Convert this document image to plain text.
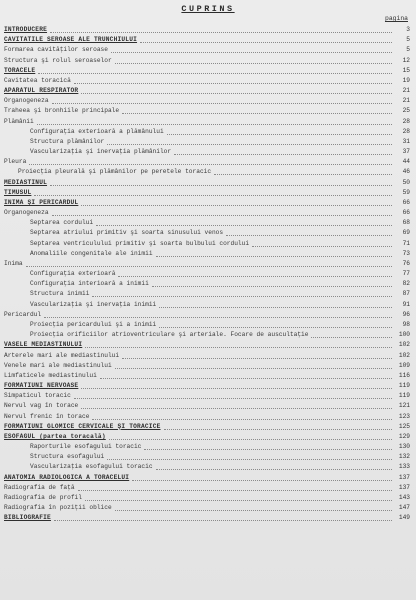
CUPRINS
pagina
INTRODUCERE	3
CAVITATILE SEROASE ALE TRUNCHIULUI	5
Formarea cavităţilor seroase	5
Structura şi rolul seroaselor	12
TORACELE	15
Cavitatea toracică	19
APARATUL RESPIRATOR	21
Organogeneza	21
Traheea şi bronhiile principale	25
Plămânii	28
Configuraţia exterioară a plămânului	28
Structura plămânilor	31
Vascularizaţia şi inervaţia plămânilor	37
Pleura	44
Proiecţia pleurală şi plămânilor pe peretele toracic	46
MEDIASTINUL	50
TIMUSUL	59
INIMA ŞI PERICARDUL	66
Organogeneza	66
Septarea cordului	68
Septarea atriului primitiv şi soarta sinusului venos	69
Septarea ventriculului primitiv şi soarta bulbului cordului	71
Anomaliile congenitale ale inimii	73
Inima	76
Configuraţia exterioară	77
Configuraţia interioară a inimii	82
Structura inimii	87
Vascularizaţia şi inervaţia inimii	91
Pericardul	96
Proiecţia pericardului şi a inimii	98
Proiecţia orificiilor atrioventriculare şi arteriale. Focare de auscultaţie	100
VASELE MEDIASTINULUI	102
Arterele mari ale mediastinului	102
Venele mari ale mediastinului	109
Limfaticele mediastinului	116
FORMATIUNI NERVOASE	119
Simpaticul toracic	119
Nervul vag în torace	121
Nervul frenic în torace	123
FORMATIUNI GLOMICE CERVICALE ŞI TORACICE	125
ESOFAGUL (partea toracală)	129
Raporturile esofagului toracic	130
Structura esofagului	132
Vascularizaţia esofagului toracic	133
ANATOMIA RADIOLOGICA A TORACELUI	137
Radiografia de faţă	137
Radiografia de profil	143
Radiografia în poziţii oblice	147
BIBLIOGRAFIE	149
